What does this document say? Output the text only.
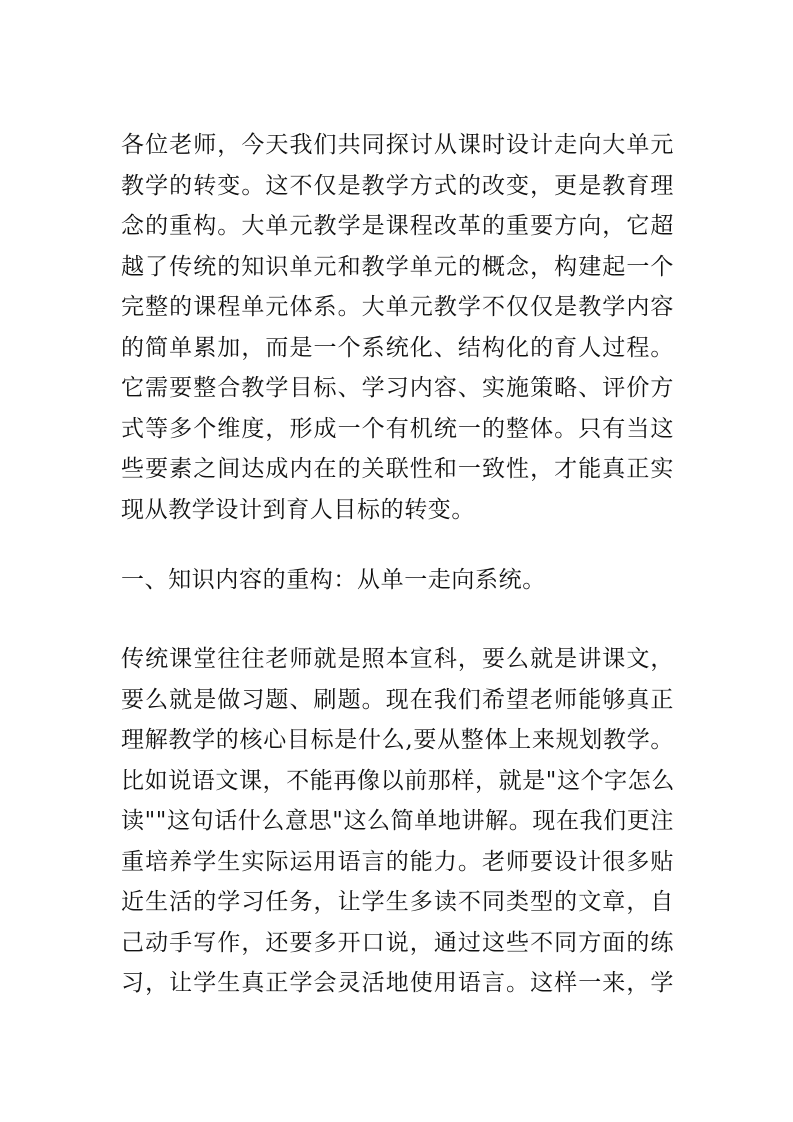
各位老师，今天我们共同探讨从课时设计走向大单元
教学的转变。这不仅是教学方式的改变，更是教育理
念的重构。大单元教学是课程改革的重要方向，它超
越了传统的知识单元和教学单元的概念，构建起一个
完整的课程单元体系。大单元教学不仅仅是教学内容
的简单累加，而是一个系统化、结构化的育人过程。
它需要整合教学目标、学习内容、实施策略、评价方
式等多个维度，形成一个有机统一的整体。只有当这
些要素之间达成内在的关联性和一致性，才能真正实
现从教学设计到育人目标的转变。
一、知识内容的重构：从单一走向系统。
传统课堂往往老师就是照本宣科，要么就是讲课文，
要么就是做习题、刷题。现在我们希望老师能够真正
理解教学的核心目标是什么,要从整体上来规划教学。
比如说语文课，不能再像以前那样，就是"这个字怎么
读""这句话什么意思"这么简单地讲解。现在我们更注
重培养学生实际运用语言的能力。老师要设计很多贴
近生活的学习任务，让学生多读不同类型的文章，自
己动手写作，还要多开口说，通过这些不同方面的练
习，让学生真正学会灵活地使用语言。这样一来，学
